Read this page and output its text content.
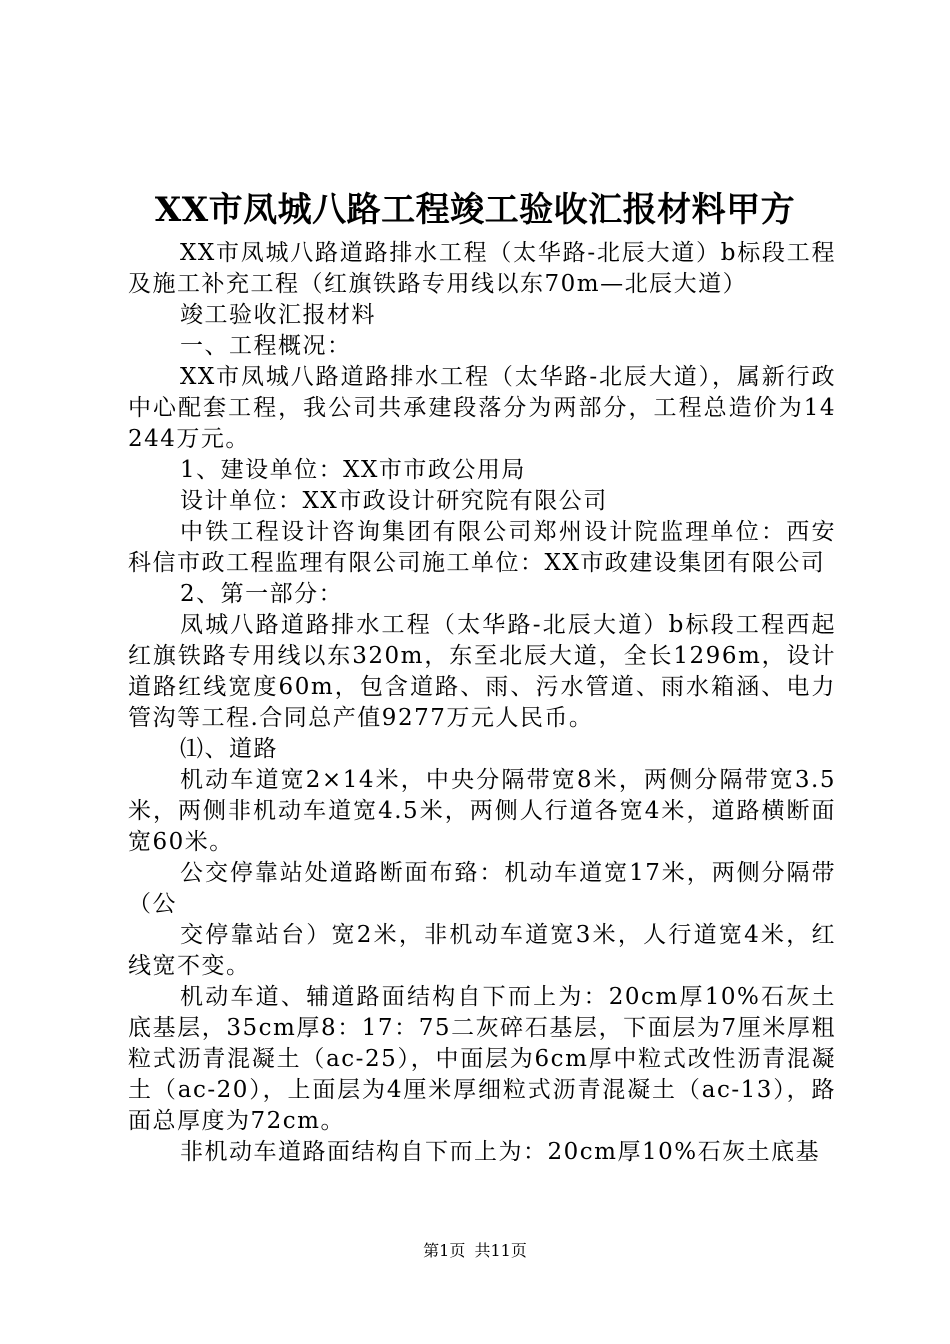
XX市凤城八路工程竣工验收汇报材料甲方

XX市凤城八路道路排水工程（太华路-北辰大道）b标段工程及施工补充工程（红旗铁路专用线以东70m—北辰大道）

竣工验收汇报材料

一、工程概况：

XX市凤城八路道路排水工程（太华路-北辰大道），属新行政中心配套工程，我公司共承建段落分为两部分，工程总造价为14244万元。

1、建设单位：XX市市政公用局

设计单位：XX市政设计研究院有限公司

中铁工程设计咨询集团有限公司郑州设计院监理单位：西安科信市政工程监理有限公司施工单位：XX市政建设集团有限公司

2、第一部分：

凤城八路道路排水工程（太华路-北辰大道）b标段工程西起红旗铁路专用线以东320m，东至北辰大道，全长1296m，设计道路红线宽度60m，包含道路、雨、污水管道、雨水箱涵、电力管沟等工程.合同总产值9277万元人民币。

⑴、道路

机动车道宽2×14米，中央分隔带宽8米，两侧分隔带宽3.5米，两侧非机动车道宽4.5米，两侧人行道各宽4米，道路横断面宽60米。

公交停靠站处道路断面布臵：机动车道宽17米，两侧分隔带（公

交停靠站台）宽2米，非机动车道宽3米，人行道宽4米，红线宽不变。

机动车道、辅道路面结构自下而上为：20cm厚10%石灰土底基层，35cm厚8：17：75二灰碎石基层，下面层为7厘米厚粗粒式沥青混凝土（ac-25），中面层为6cm厚中粒式改性沥青混凝土（ac-20），上面层为4厘米厚细粒式沥青混凝土（ac-13），路面总厚度为72cm。

非机动车道路面结构自下而上为：20cm厚10%石灰土底基

第1页 共11页
